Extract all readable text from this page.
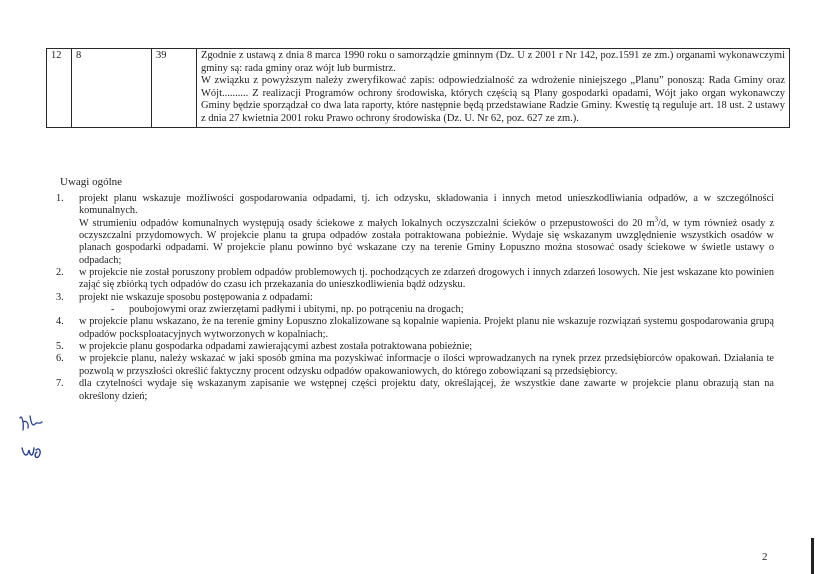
12	8	39	Zgodnie z ustawą z dnia 8 marca 1990 roku o samorządzie gminnym (Dz. U z 2001 r Nr 142, poz.1591 ze zm.) organami wykonawczymi gminy są: rada gminy oraz wójt lub burmistrz.

W związku z powyższym należy zweryfikować zapis: odpowiedzialność za wdrożenie niniejszego „Planu” ponoszą: Rada Gminy oraz Wójt.......... Z realizacji Programów ochrony środowiska, których częścią są Plany gospodarki opadami, Wójt jako organ wykonawczy Gminy będzie sporządzał co dwa lata raporty, które następnie będą przedstawiane Radzie Gminy. Kwestię tą reguluje art. 18 ust. 2 ustawy z dnia 27 kwietnia 2001 roku Prawo ochrony środowiska (Dz. U. Nr 62, poz. 627 ze zm.).

Uwagi ogólne
1.	projekt planu wskazuje możliwości gospodarowania odpadami, tj. ich odzysku, składowania i innych metod unieszkodliwiania odpadów, a w szczególności komunalnych.

W strumieniu odpadów komunalnych występują osady ściekowe z małych lokalnych oczyszczalni ścieków o przepustowości do 20 $m^3/d$, w tym również osady z oczyszczalni przydomowych. W projekcie planu ta grupa odpadów została potraktowana pobieżnie. Wydaje się wskazanym uwzględnienie wszystkich osadów w planach gospodarki odpadami. W projekcie planu powinno być wskazane czy na terenie Gminy Łopuszno można stosować osady ściekowe w świetle ustawy o odpadach;

2.	w projekcie nie został poruszony problem odpadów problemowych tj. pochodzących ze zdarzeń drogowych i innych zdarzeń losowych. Nie jest wskazane kto powinien zająć się zbiórką tych odpadów do czasu ich przekazania do unieszkodliwienia bądź odzysku.

3.	projekt nie wskazuje sposobu postępowania z odpadami:

-	poubojowymi oraz zwierzętami padłymi i ubitymi, np. po potrąceniu na drogach;
4.	w projekcie planu wskazano, że na terenie gminy Łopuszno zlokalizowane są kopalnie wapienia. Projekt planu nie wskazuje rozwiązań systemu gospodarowania grupą odpadów pocksploatacyjnych wytworzonych w kopalniach;.

5.	w projekcie planu gospodarka odpadami zawierającymi azbest została potraktowana pobieżnie;

6.	w projekcie planu, należy wskazać w jaki sposób gmina ma pozyskiwać informacje o ilości wprowadzanych na rynek przez przedsiębiorców opakowań. Działania te pozwolą w przyszłości określić faktyczny procent odzysku odpadów opakowaniowych, do którego zobowiązani są przedsiębiorcy.

7.	dla czytelności wydaje się wskazanym zapisanie we wstępnej części projektu daty, określającej, że wszystkie dane zawarte w projekcie planu obrazują stan na określony dzień;

2
